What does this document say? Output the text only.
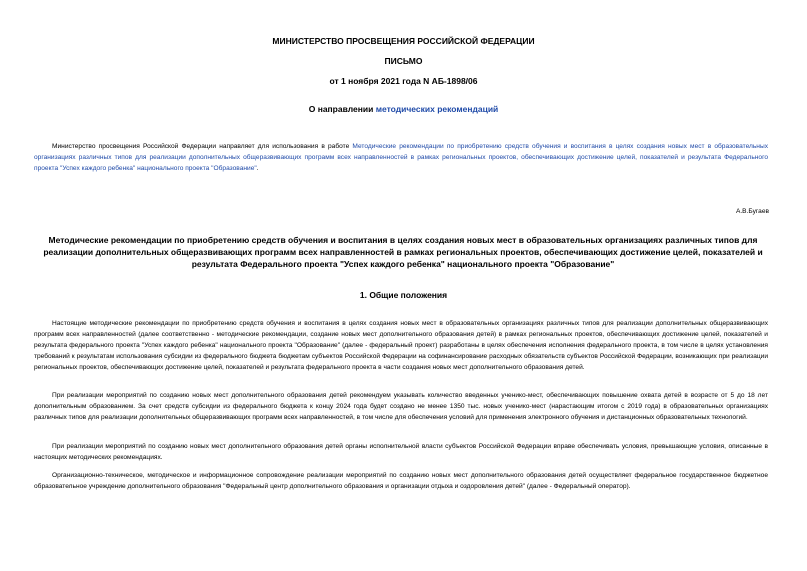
МИНИСТЕРСТВО ПРОСВЕЩЕНИЯ РОССИЙСКОЙ ФЕДЕРАЦИИ
ПИСЬМО
от 1 ноября 2021 года N АБ-1898/06
О направлении методических рекомендаций
Министерство просвещения Российской Федерации направляет для использования в работе Методические рекомендации по приобретению средств обучения и воспитания в целях создания новых мест в образовательных организациях различных типов для реализации дополнительных общеразвивающих программ всех направленностей в рамках региональных проектов, обеспечивающих достижение целей, показателей и результата Федерального проекта "Успех каждого ребенка" национального проекта "Образование".
А.В.Бугаев
Методические рекомендации по приобретению средств обучения и воспитания в целях создания новых мест в образовательных организациях различных типов для реализации дополнительных общеразвивающих программ всех направленностей в рамках региональных проектов, обеспечивающих достижение целей, показателей и результата Федерального проекта "Успех каждого ребенка" национального проекта "Образование"
1. Общие положения
Настоящие методические рекомендации по приобретению средств обучения и воспитания в целях создания новых мест в образовательных организациях различных типов для реализации дополнительных общеразвивающих программ всех направленностей (далее соответственно - методические рекомендации, создание новых мест дополнительного образования детей) в рамках региональных проектов, обеспечивающих достижение целей, показателей и результата федерального проекта "Успех каждого ребенка" национального проекта "Образование" (далее - федеральный проект) разработаны в целях обеспечения исполнения федерального проекта, в том числе в целях установления требований к результатам использования субсидии из федерального бюджета бюджетам субъектов Российской Федерации на софинансирование расходных обязательств субъектов Российской Федерации, возникающих при реализации региональных проектов, обеспечивающих достижение целей, показателей и результата федерального проекта в части создания новых мест дополнительного образования детей.
При реализации мероприятий по созданию новых мест дополнительного образования детей рекомендуем указывать количество введенных ученико-мест, обеспечивающих повышение охвата детей в возрасте от 5 до 18 лет дополнительным образованием. За счет средств субсидии из федерального бюджета к концу 2024 года будет создано не менее 1350 тыс. новых ученико-мест (нарастающим итогом с 2019 года) в образовательных организациях различных типов для реализации дополнительных общеразвивающих программ всех направленностей, в том числе для обеспечения условий для применения электронного обучения и дистанционных образовательных технологий.
При реализации мероприятий по созданию новых мест дополнительного образования детей органы исполнительной власти субъектов Российской Федерации вправе обеспечивать условия, превышающие условия, описанные в настоящих методических рекомендациях.
Организационно-техническое, методическое и информационное сопровождение реализации мероприятий по созданию новых мест дополнительного образования детей осуществляет федеральное государственное бюджетное образовательное учреждение дополнительного образования "Федеральный центр дополнительного образования и организации отдыха и оздоровления детей" (далее - Федеральный оператор).
